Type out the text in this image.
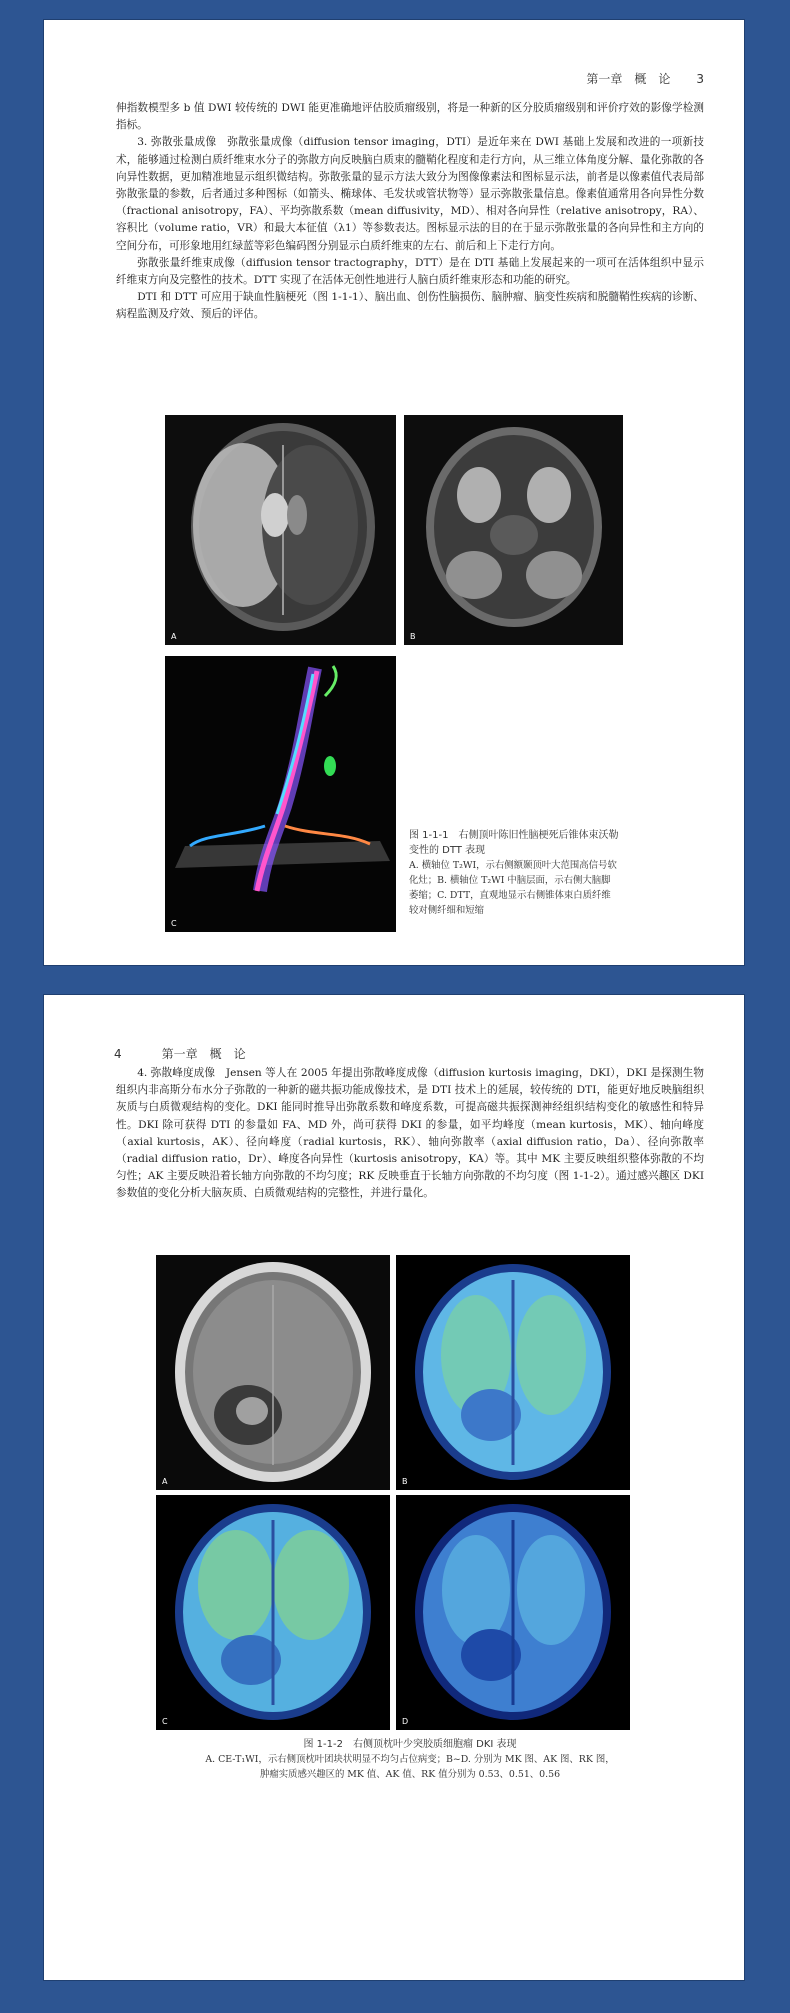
第一章　概　论 3

伸指数模型多 b 值 DWI 较传统的 DWI 能更准确地评估胶质瘤级别，将是一种新的区分胶质瘤级别和评价疗效的影像学检测指标。

3. 弥散张量成像　弥散张量成像（diffusion tensor imaging，DTI）是近年来在 DWI 基础上发展和改进的一项新技术，能够通过检测白质纤维束水分子的弥散方向反映脑白质束的髓鞘化程度和走行方向，从三维立体角度分解、量化弥散的各向异性数据，更加精准地显示组织微结构。弥散张量的显示方法大致分为图像像素法和图标显示法，前者是以像素值代表局部弥散张量的参数，后者通过多种图标（如箭头、椭球体、毛发状或管状物等）显示弥散张量信息。像素值通常用各向异性分数（fractional anisotropy，FA）、平均弥散系数（mean diffusivity，MD）、相对各向异性（relative anisotropy，RA）、容积比（volume ratio，VR）和最大本征值（λ1）等参数表达。图标显示法的目的在于显示弥散张量的各向异性和主方向的空间分布，可形象地用红绿蓝等彩色编码图分别显示白质纤维束的左右、前后和上下走行方向。

弥散张量纤维束成像（diffusion tensor tractography，DTT）是在 DTI 基础上发展起来的一项可在活体组织中显示纤维束方向及完整性的技术。DTT 实现了在活体无创性地进行人脑白质纤维束形态和功能的研究。

DTI 和 DTT 可应用于缺血性脑梗死（图 1-1-1）、脑出血、创伤性脑损伤、脑肿瘤、脑变性疾病和脱髓鞘性疾病的诊断、病程监测及疗效、预后的评估。

A	B
C
图 1-1-1　右侧顶叶陈旧性脑梗死后锥体束沃勒变性的 DTT 表现
A. 横轴位 T₂WI，示右侧额颞顶叶大范围高信号软化灶；B. 横轴位 T₂WI 中脑层面，示右侧大脑脚萎缩；C. DTT，直观地显示右侧锥体束白质纤维较对侧纤细和短缩
4	第一章　概　论

4. 弥散峰度成像　Jensen 等人在 2005 年提出弥散峰度成像（diffusion kurtosis imaging，DKI），DKI 是探测生物组织内非高斯分布水分子弥散的一种新的磁共振功能成像技术，是 DTI 技术上的延展，较传统的 DTI，能更好地反映脑组织灰质与白质微观结构的变化。DKI 能同时推导出弥散系数和峰度系数，可提高磁共振探测神经组织结构变化的敏感性和特异性。DKI 除可获得 DTI 的参量如 FA、MD 外，尚可获得 DKI 的参量，如平均峰度（mean kurtosis，MK）、轴向峰度（axial kurtosis，AK）、径向峰度（radial kurtosis，RK）、轴向弥散率（axial diffusion ratio，Da）、径向弥散率（radial diffusion ratio，Dr）、峰度各向异性（kurtosis anisotropy，KA）等。其中 MK 主要反映组织整体弥散的不均匀性；AK 主要反映沿着长轴方向弥散的不均匀度；RK 反映垂直于长轴方向弥散的不均匀度（图 1-1-2）。通过感兴趣区 DKI 参数值的变化分析大脑灰质、白质微观结构的完整性，并进行量化。

A	B
C	D
图 1-1-2　右侧顶枕叶少突胶质细胞瘤 DKI 表现
A. CE-T₁WI，示右侧顶枕叶团块状明显不均匀占位病变；B~D. 分别为 MK 图、AK 图、RK 图，
肿瘤实质感兴趣区的 MK 值、AK 值、RK 值分别为 0.53、0.51、0.56
